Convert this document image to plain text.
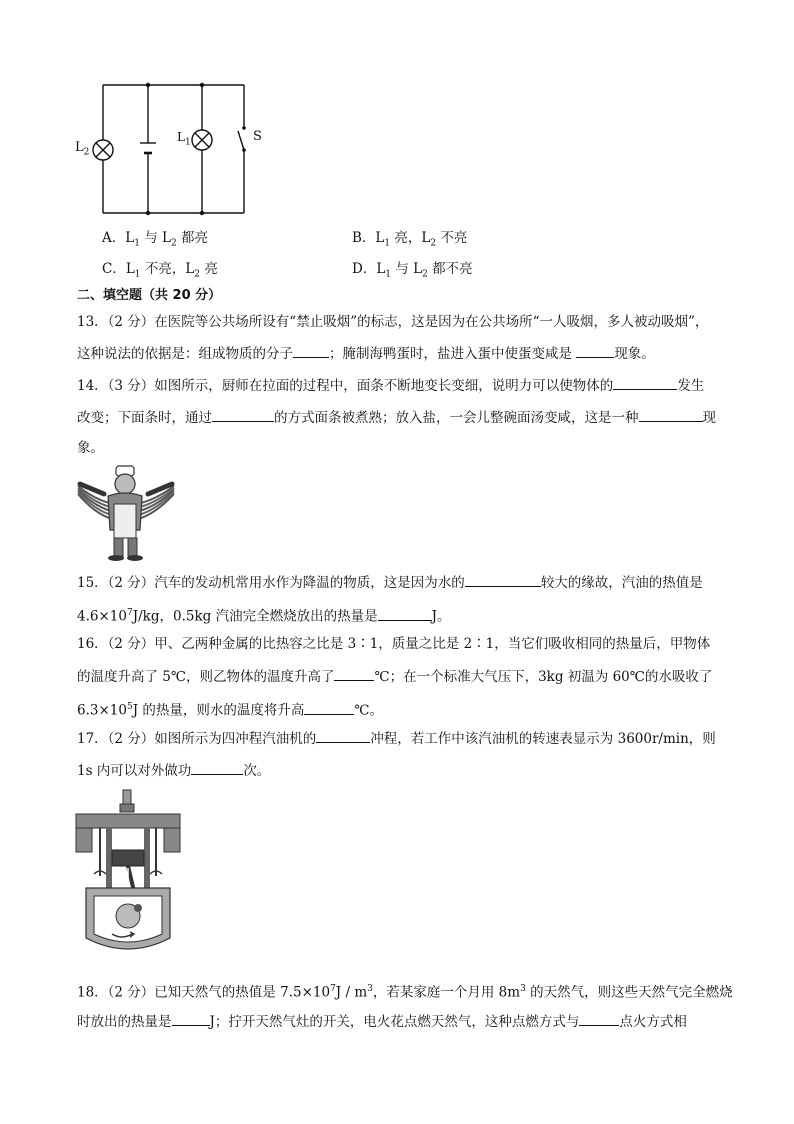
$L_2$
$L_1$	S
A．$L_1$ 与 $L_2$ 都亮	B．$L_1$ 亮，$L_2$ 不亮
C．$L_1$ 不亮，$L_2$ 亮	D．$L_1$ 与 $L_2$ 都不亮
二、填空题（共 20 分）
13．（2 分）在医院等公共场所设有“禁止吸烟”的标志，这是因为在公共场所“一人吸烟，多人被动吸烟”，
这种说法的依据是：组成物质的分子	；腌制海鸭蛋时，盐进入蛋中使蛋变咸是	现象。
14．（3 分）如图所示，厨师在拉面的过程中，面条不断地变长变细，说明力可以使物体的	发生
改变；下面条时，通过	的方式面条被煮熟；放入盐，一会儿整碗面汤变咸，这是一种	现
象。
15．（2 分）汽车的发动机常用水作为降温的物质，这是因为水的	较大的缘故，汽油的热值是
$4.6\times 10^7J/kg$，0.5kg 汽油完全燃烧放出的热量是	J。
16．（2 分）甲、乙两种金属的比热容之比是 3∶1，质量之比是 2∶1，当它们吸收相同的热量后，甲物体
的温度升高了 5℃，则乙物体的温度升高了	℃；在一个标准大气压下，3kg 初温为 60℃的水吸收了
$6.3\times 10^5J$ 的热量，则水的温度将升高	℃。
17．（2 分）如图所示为四冲程汽油机的	冲程，若工作中该汽油机的转速表显示为 3600r/min，则
1s 内可以对外做功	次。
18．（2 分）已知天然气的热值是 $7.5\times 10^7J / m^3$，若某家庭一个月用 $8m^3$ 的天然气，则这些天然气完全燃烧
时放出的热量是	J；拧开天然气灶的开关，电火花点燃天然气，这种点燃方式与	点火方式相
